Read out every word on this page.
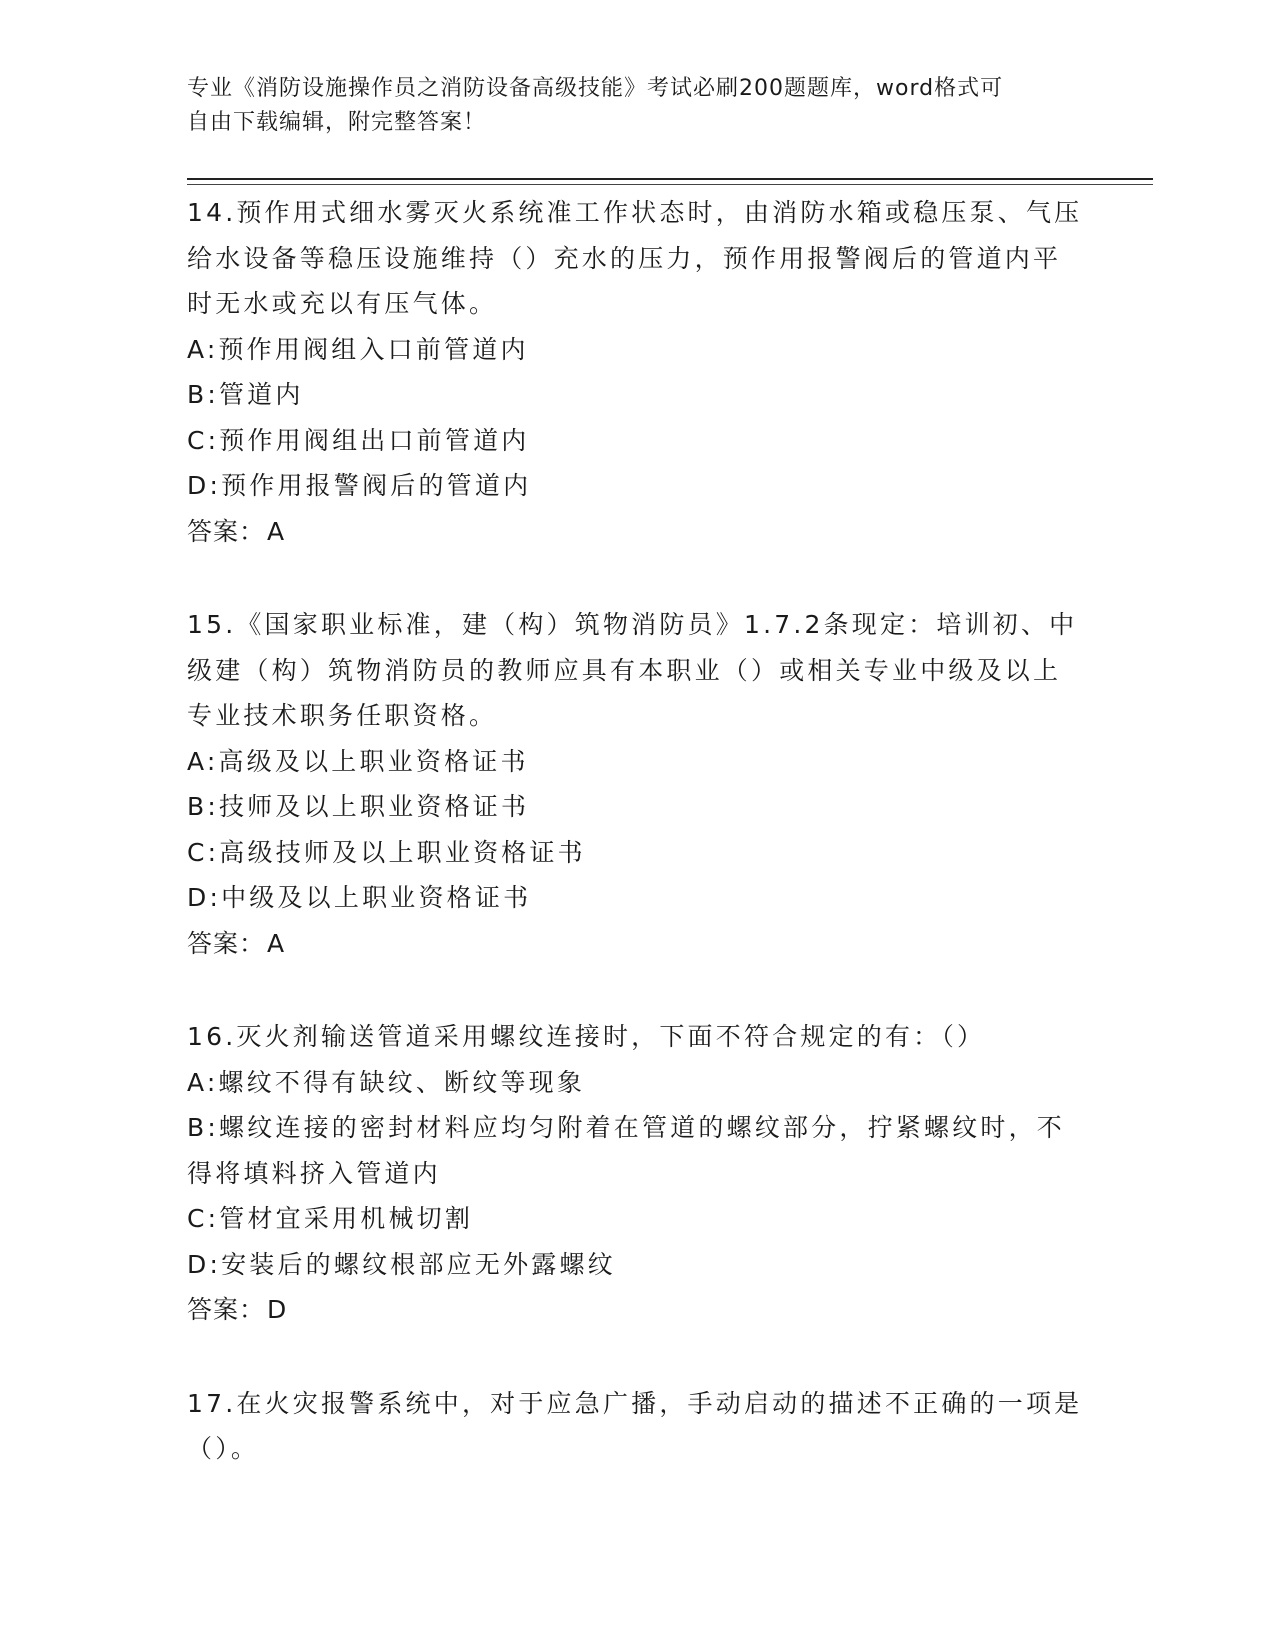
专业《消防设施操作员之消防设备高级技能》考试必刷200题题库，word格式可
自由下载编辑，附完整答案！
14.预作用式细水雾灭火系统准工作状态时，由消防水箱或稳压泵、气压给水设备等稳压设施维持（）充水的压力，预作用报警阀后的管道内平时无水或充以有压气体。
A:预作用阀组入口前管道内
B:管道内
C:预作用阀组出口前管道内
D:预作用报警阀后的管道内
答案：A
15.《国家职业标准，建（构）筑物消防员》1.7.2条现定：培训初、中级建（构）筑物消防员的教师应具有本职业（）或相关专业中级及以上专业技术职务任职资格。
A:高级及以上职业资格证书
B:技师及以上职业资格证书
C:高级技师及以上职业资格证书
D:中级及以上职业资格证书
答案：A
16.灭火剂输送管道采用螺纹连接时，下面不符合规定的有：（）
A:螺纹不得有缺纹、断纹等现象
B:螺纹连接的密封材料应均匀附着在管道的螺纹部分，拧紧螺纹时，不得将填料挤入管道内
C:管材宜采用机械切割
D:安装后的螺纹根部应无外露螺纹
答案：D
17.在火灾报警系统中，对于应急广播，手动启动的描述不正确的一项是（）。
